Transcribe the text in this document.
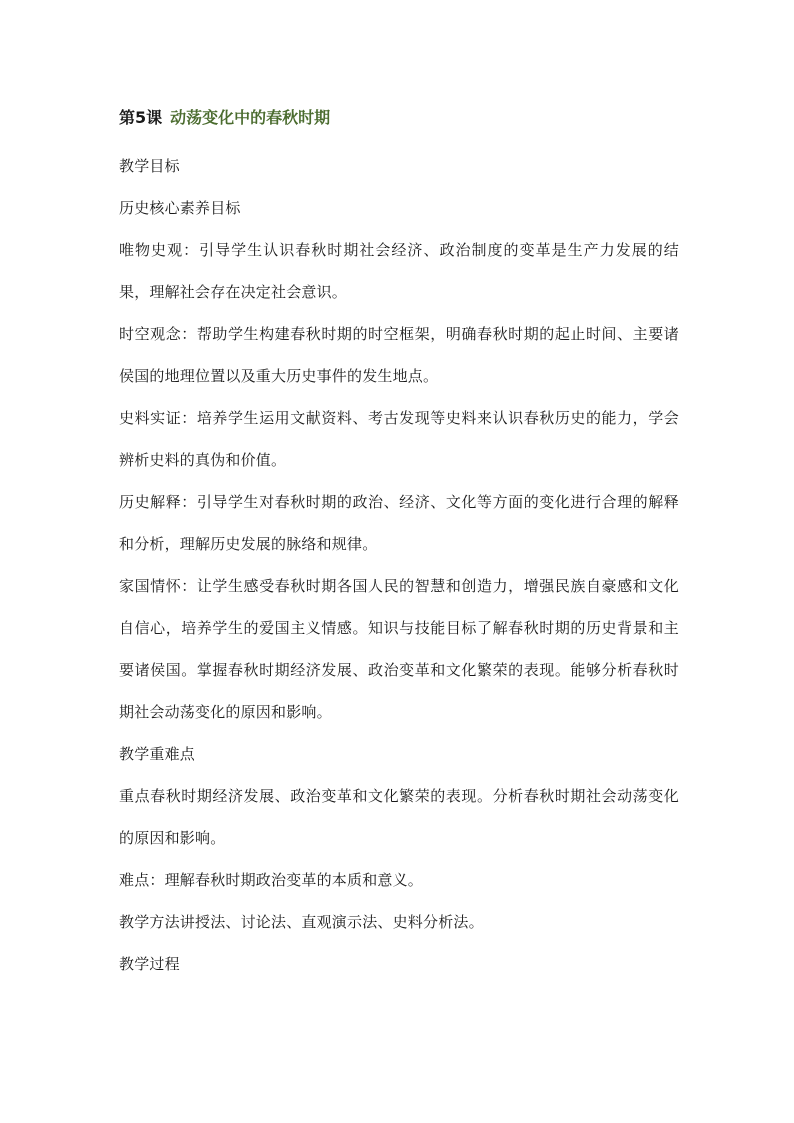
第5课 动荡变化中的春秋时期

教学目标

历史核心素养目标

唯物史观：引导学生认识春秋时期社会经济、政治制度的变革是生产力发展的结果，理解社会存在决定社会意识。

时空观念：帮助学生构建春秋时期的时空框架，明确春秋时期的起止时间、主要诸侯国的地理位置以及重大历史事件的发生地点。

史料实证：培养学生运用文献资料、考古发现等史料来认识春秋历史的能力，学会辨析史料的真伪和价值。

历史解释：引导学生对春秋时期的政治、经济、文化等方面的变化进行合理的解释和分析，理解历史发展的脉络和规律。

家国情怀：让学生感受春秋时期各国人民的智慧和创造力，增强民族自豪感和文化自信心，培养学生的爱国主义情感。知识与技能目标了解春秋时期的历史背景和主要诸侯国。掌握春秋时期经济发展、政治变革和文化繁荣的表现。能够分析春秋时期社会动荡变化的原因和影响。

教学重难点

重点春秋时期经济发展、政治变革和文化繁荣的表现。分析春秋时期社会动荡变化的原因和影响。

难点：理解春秋时期政治变革的本质和意义。

教学方法讲授法、讨论法、直观演示法、史料分析法。

教学过程
